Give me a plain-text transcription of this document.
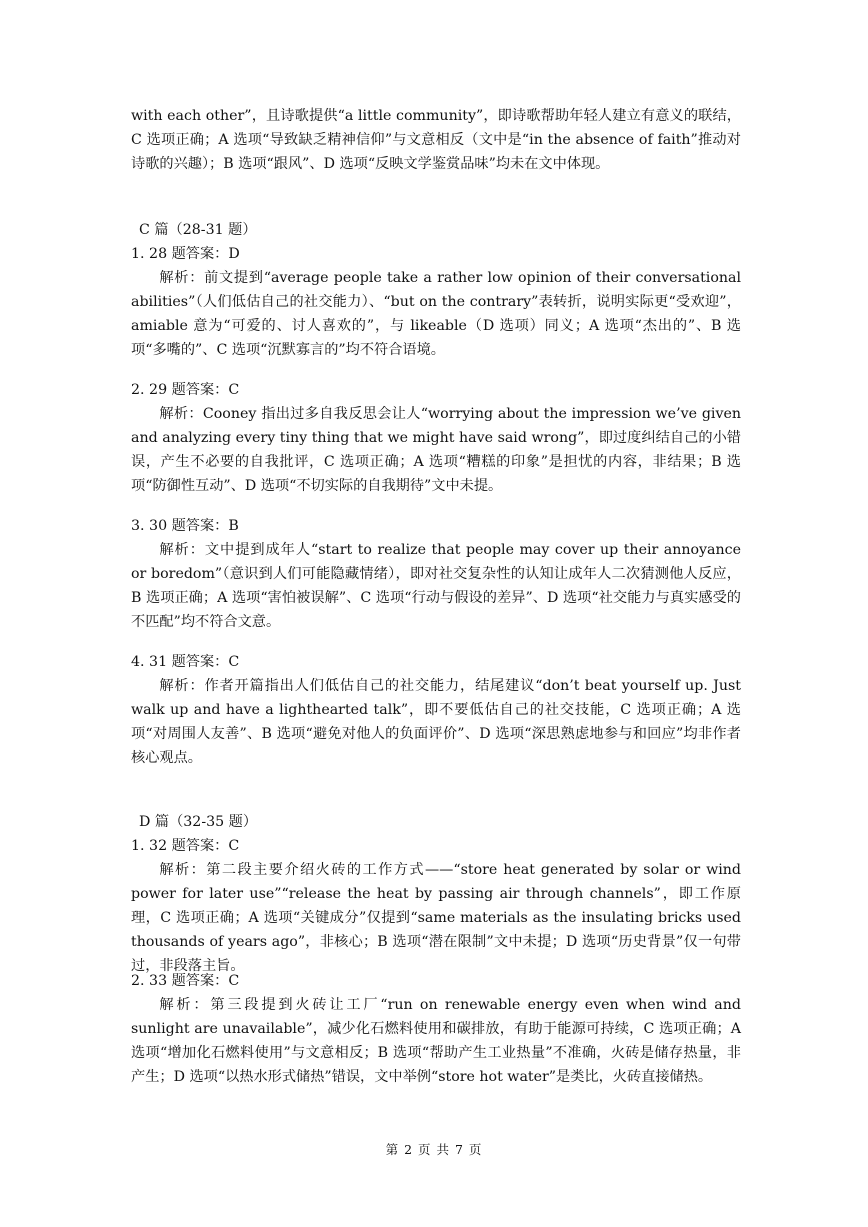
with each other”，且诗歌提供“a little community”，即诗歌帮助年轻人建立有意义的联结，C 选项正确；A 选项“导致缺乏精神信仰”与文意相反（文中是“in the absence of faith”推动对诗歌的兴趣）；B 选项“跟风”、D 选项“反映文学鉴赏品味”均未在文中体现。

C 篇（28-31 题）

1. 28 题答案：D

解析：前文提到“average people take a rather low opinion of their conversational abilities”（人们低估自己的社交能力）、“but on the contrary”表转折，说明实际更“受欢迎”，amiable 意为“可爱的、讨人喜欢的”，与 likeable（D 选项）同义；A 选项“杰出的”、B 选项“多嘴的”、C 选项“沉默寡言的”均不符合语境。

2. 29 题答案：C

解析：Cooney 指出过多自我反思会让人“worrying about the impression we’ve given and analyzing every tiny thing that we might have said wrong”，即过度纠结自己的小错误，产生不必要的自我批评，C 选项正确；A 选项“糟糕的印象”是担忧的内容，非结果；B 选项“防御性互动”、D 选项“不切实际的自我期待”文中未提。

3. 30 题答案：B

解析：文中提到成年人“start to realize that people may cover up their annoyance or boredom”（意识到人们可能隐藏情绪），即对社交复杂性的认知让成年人二次猜测他人反应，B 选项正确；A 选项“害怕被误解”、C 选项“行动与假设的差异”、D 选项“社交能力与真实感受的不匹配”均不符合文意。

4. 31 题答案：C

解析：作者开篇指出人们低估自己的社交能力，结尾建议“don’t beat yourself up. Just walk up and have a lighthearted talk”，即不要低估自己的社交技能，C 选项正确；A 选项“对周围人友善”、B 选项“避免对他人的负面评价”、D 选项“深思熟虑地参与和回应”均非作者核心观点。

D 篇（32-35 题）

1. 32 题答案：C

解析：第二段主要介绍火砖的工作方式——“store heat generated by solar or wind power for later use”“release the heat by passing air through channels”，即工作原理，C 选项正确；A 选项“关键成分”仅提到“same materials as the insulating bricks used thousands of years ago”，非核心；B 选项“潜在限制”文中未提；D 选项“历史背景”仅一句带过，非段落主旨。

2. 33 题答案：C

解析：第三段提到火砖让工厂“run on renewable energy even when wind and sunlight are unavailable”，减少化石燃料使用和碳排放，有助于能源可持续，C 选项正确；A 选项“增加化石燃料使用”与文意相反；B 选项“帮助产生工业热量”不准确，火砖是储存热量，非产生；D 选项“以热水形式储热”错误，文中举例“store hot water”是类比，火砖直接储热。

第 2 页 共 7 页
